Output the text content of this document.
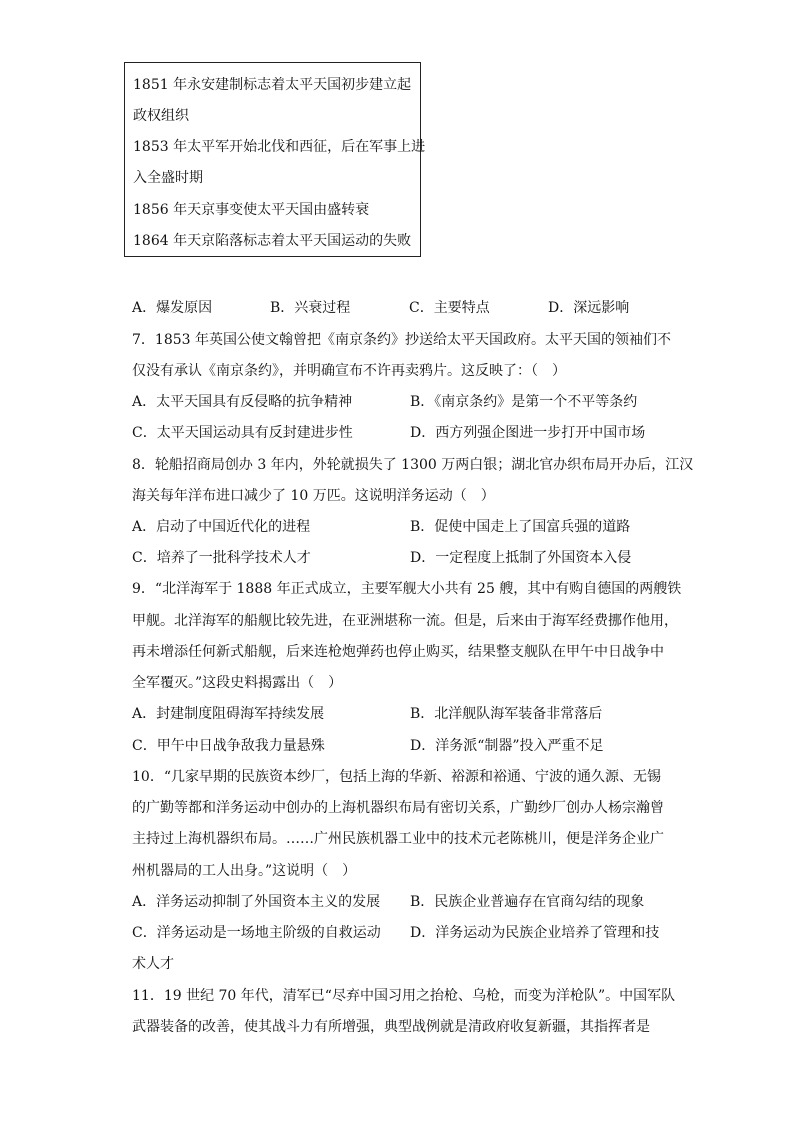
1851 年永安建制标志着太平天国初步建立起
政权组织
1853 年太平军开始北伐和西征，后在军事上进
入全盛时期
1856 年天京事变使太平天国由盛转衰
1864 年天京陷落标志着太平天国运动的失败
A．爆发原因	B．兴衰过程	C．主要特点	D．深远影响
7．1853 年英国公使文翰曾把《南京条约》抄送给太平天国政府。太平天国的领袖们不
仅没有承认《南京条约》，并明确宣布不许再卖鸦片。这反映了：（　）
A．太平天国具有反侵略的抗争精神	B．《南京条约》是第一个不平等条约
C．太平天国运动具有反封建进步性	D．西方列强企图进一步打开中国市场
8．轮船招商局创办 3 年内，外轮就损失了 1300 万两白银；湖北官办织布局开办后，江汉
海关每年洋布进口减少了 10 万匹。这说明洋务运动（　）
A．启动了中国近代化的进程	B．促使中国走上了国富兵强的道路
C．培养了一批科学技术人才	D．一定程度上抵制了外国资本入侵
9．“北洋海军于 1888 年正式成立，主要军舰大小共有 25 艘，其中有购自德国的两艘铁
甲舰。北洋海军的船舰比较先进，在亚洲堪称一流。但是，后来由于海军经费挪作他用，
再未增添任何新式船舰，后来连枪炮弹药也停止购买，结果整支舰队在甲午中日战争中
全军覆灭。”这段史料揭露出（　）
A．封建制度阻碍海军持续发展	B．北洋舰队海军装备非常落后
C．甲午中日战争敌我力量悬殊	D．洋务派“制器”投入严重不足
10．“几家早期的民族资本纱厂，包括上海的华新、裕源和裕通、宁波的通久源、无锡
的广勤等都和洋务运动中创办的上海机器织布局有密切关系，广勤纱厂创办人杨宗瀚曾
主持过上海机器织布局。……广州民族机器工业中的技术元老陈桃川，便是洋务企业广
州机器局的工人出身。”这说明（　）
A．洋务运动抑制了外国资本主义的发展 B．民族企业普遍存在官商勾结的现象
C．洋务运动是一场地主阶级的自救运动 D．洋务运动为民族企业培养了管理和技
术人才
11．19 世纪 70 年代，清军已“尽弃中国习用之抬枪、乌枪，而变为洋枪队”。中国军队
武器装备的改善，使其战斗力有所增强，典型战例就是清政府收复新疆，其指挥者是
